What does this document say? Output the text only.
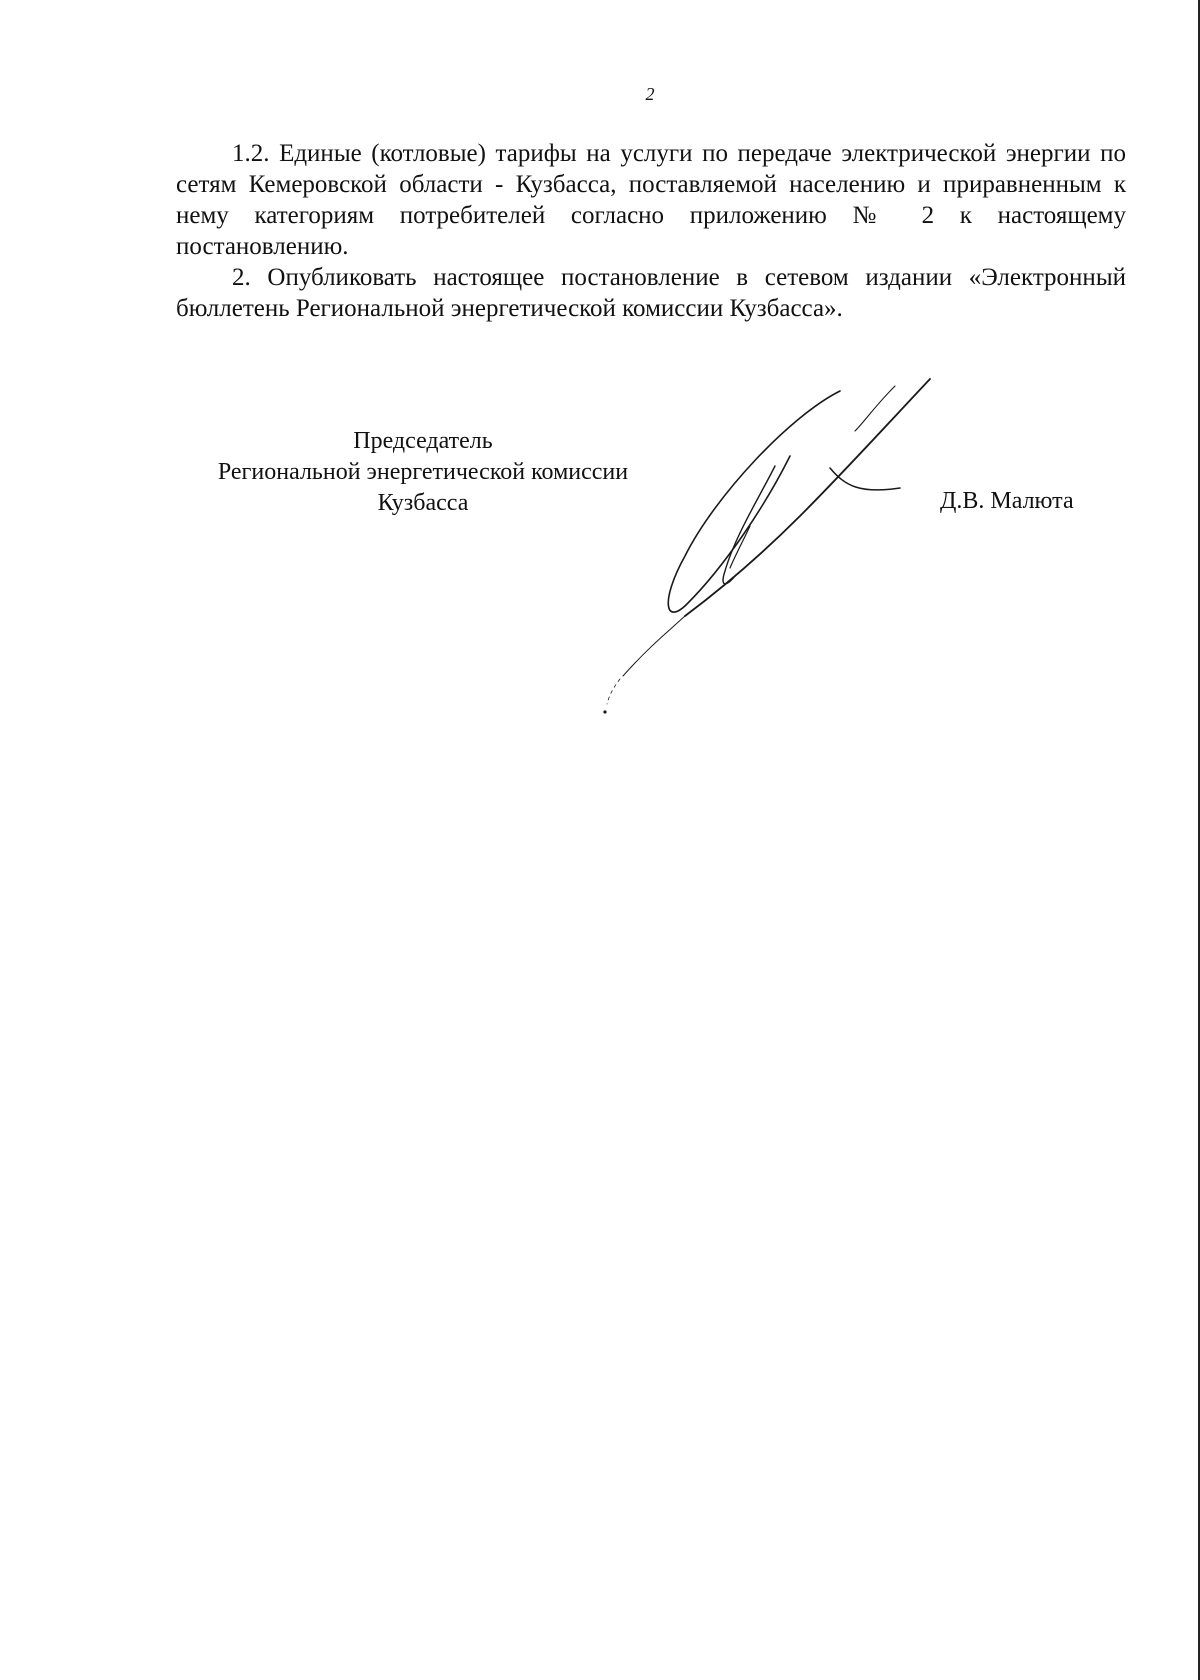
2

1.2. Единые (котловые) тарифы на услуги по передаче электрической энергии по сетям Кемеровской области - Кузбасса, поставляемой населению и приравненным к нему категориям потребителей согласно приложению № 2 к настоящему постановлению.

2. Опубликовать настоящее постановление в сетевом издании «Электронный бюллетень Региональной энергетической комиссии Кузбасса».

Председатель
Региональной энергетической комиссии
Кузбасса	Д.В. Малюта
